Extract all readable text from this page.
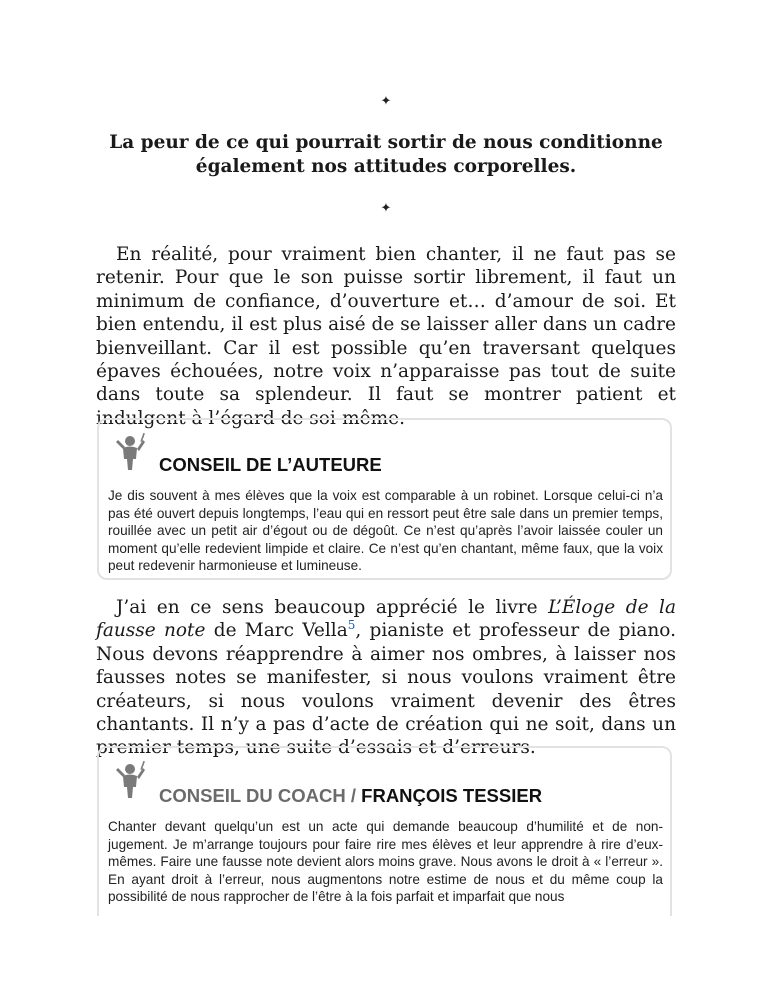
✦
La peur de ce qui pourrait sortir de nous conditionne
également nos attitudes corporelles.
✦
En réalité, pour vraiment bien chanter, il ne faut pas se retenir. Pour que le son puisse sortir librement, il faut un minimum de confiance, d’ouverture et… d’amour de soi. Et bien entendu, il est plus aisé de se laisser aller dans un cadre bienveillant. Car il est possible qu’en traversant quelques épaves échouées, notre voix n’apparaisse pas tout de suite dans toute sa splendeur. Il faut se montrer patient et indulgent à l’égard de soi-même.
CONSEIL DE L’AUTEURE
Je dis souvent à mes élèves que la voix est comparable à un robinet. Lorsque celui-ci n’a pas été ouvert depuis longtemps, l’eau qui en ressort peut être sale dans un premier temps, rouillée avec un petit air d’égout ou de dégoût. Ce n’est qu’après l’avoir laissée couler un moment qu’elle redevient limpide et claire. Ce n’est qu’en chantant, même faux, que la voix peut redevenir harmonieuse et lumineuse.
J’ai en ce sens beaucoup apprécié le livre L’Éloge de la fausse note de Marc Vella$^5$, pianiste et professeur de piano. Nous devons réapprendre à aimer nos ombres, à laisser nos fausses notes se manifester, si nous voulons vraiment être créateurs, si nous voulons vraiment devenir des êtres chantants. Il n’y a pas d’acte de création qui ne soit, dans un premier temps, une suite d’essais et d’erreurs.
CONSEIL DU COACH / FRANÇOIS TESSIER
Chanter devant quelqu’un est un acte qui demande beaucoup d’humilité et de non-jugement. Je m’arrange toujours pour faire rire mes élèves et leur apprendre à rire d’eux-mêmes. Faire une fausse note devient alors moins grave. Nous avons le droit à « l’erreur ». En ayant droit à l’erreur, nous augmentons notre estime de nous et du même coup la possibilité de nous rapprocher de l’être à la fois parfait et imparfait que nous
